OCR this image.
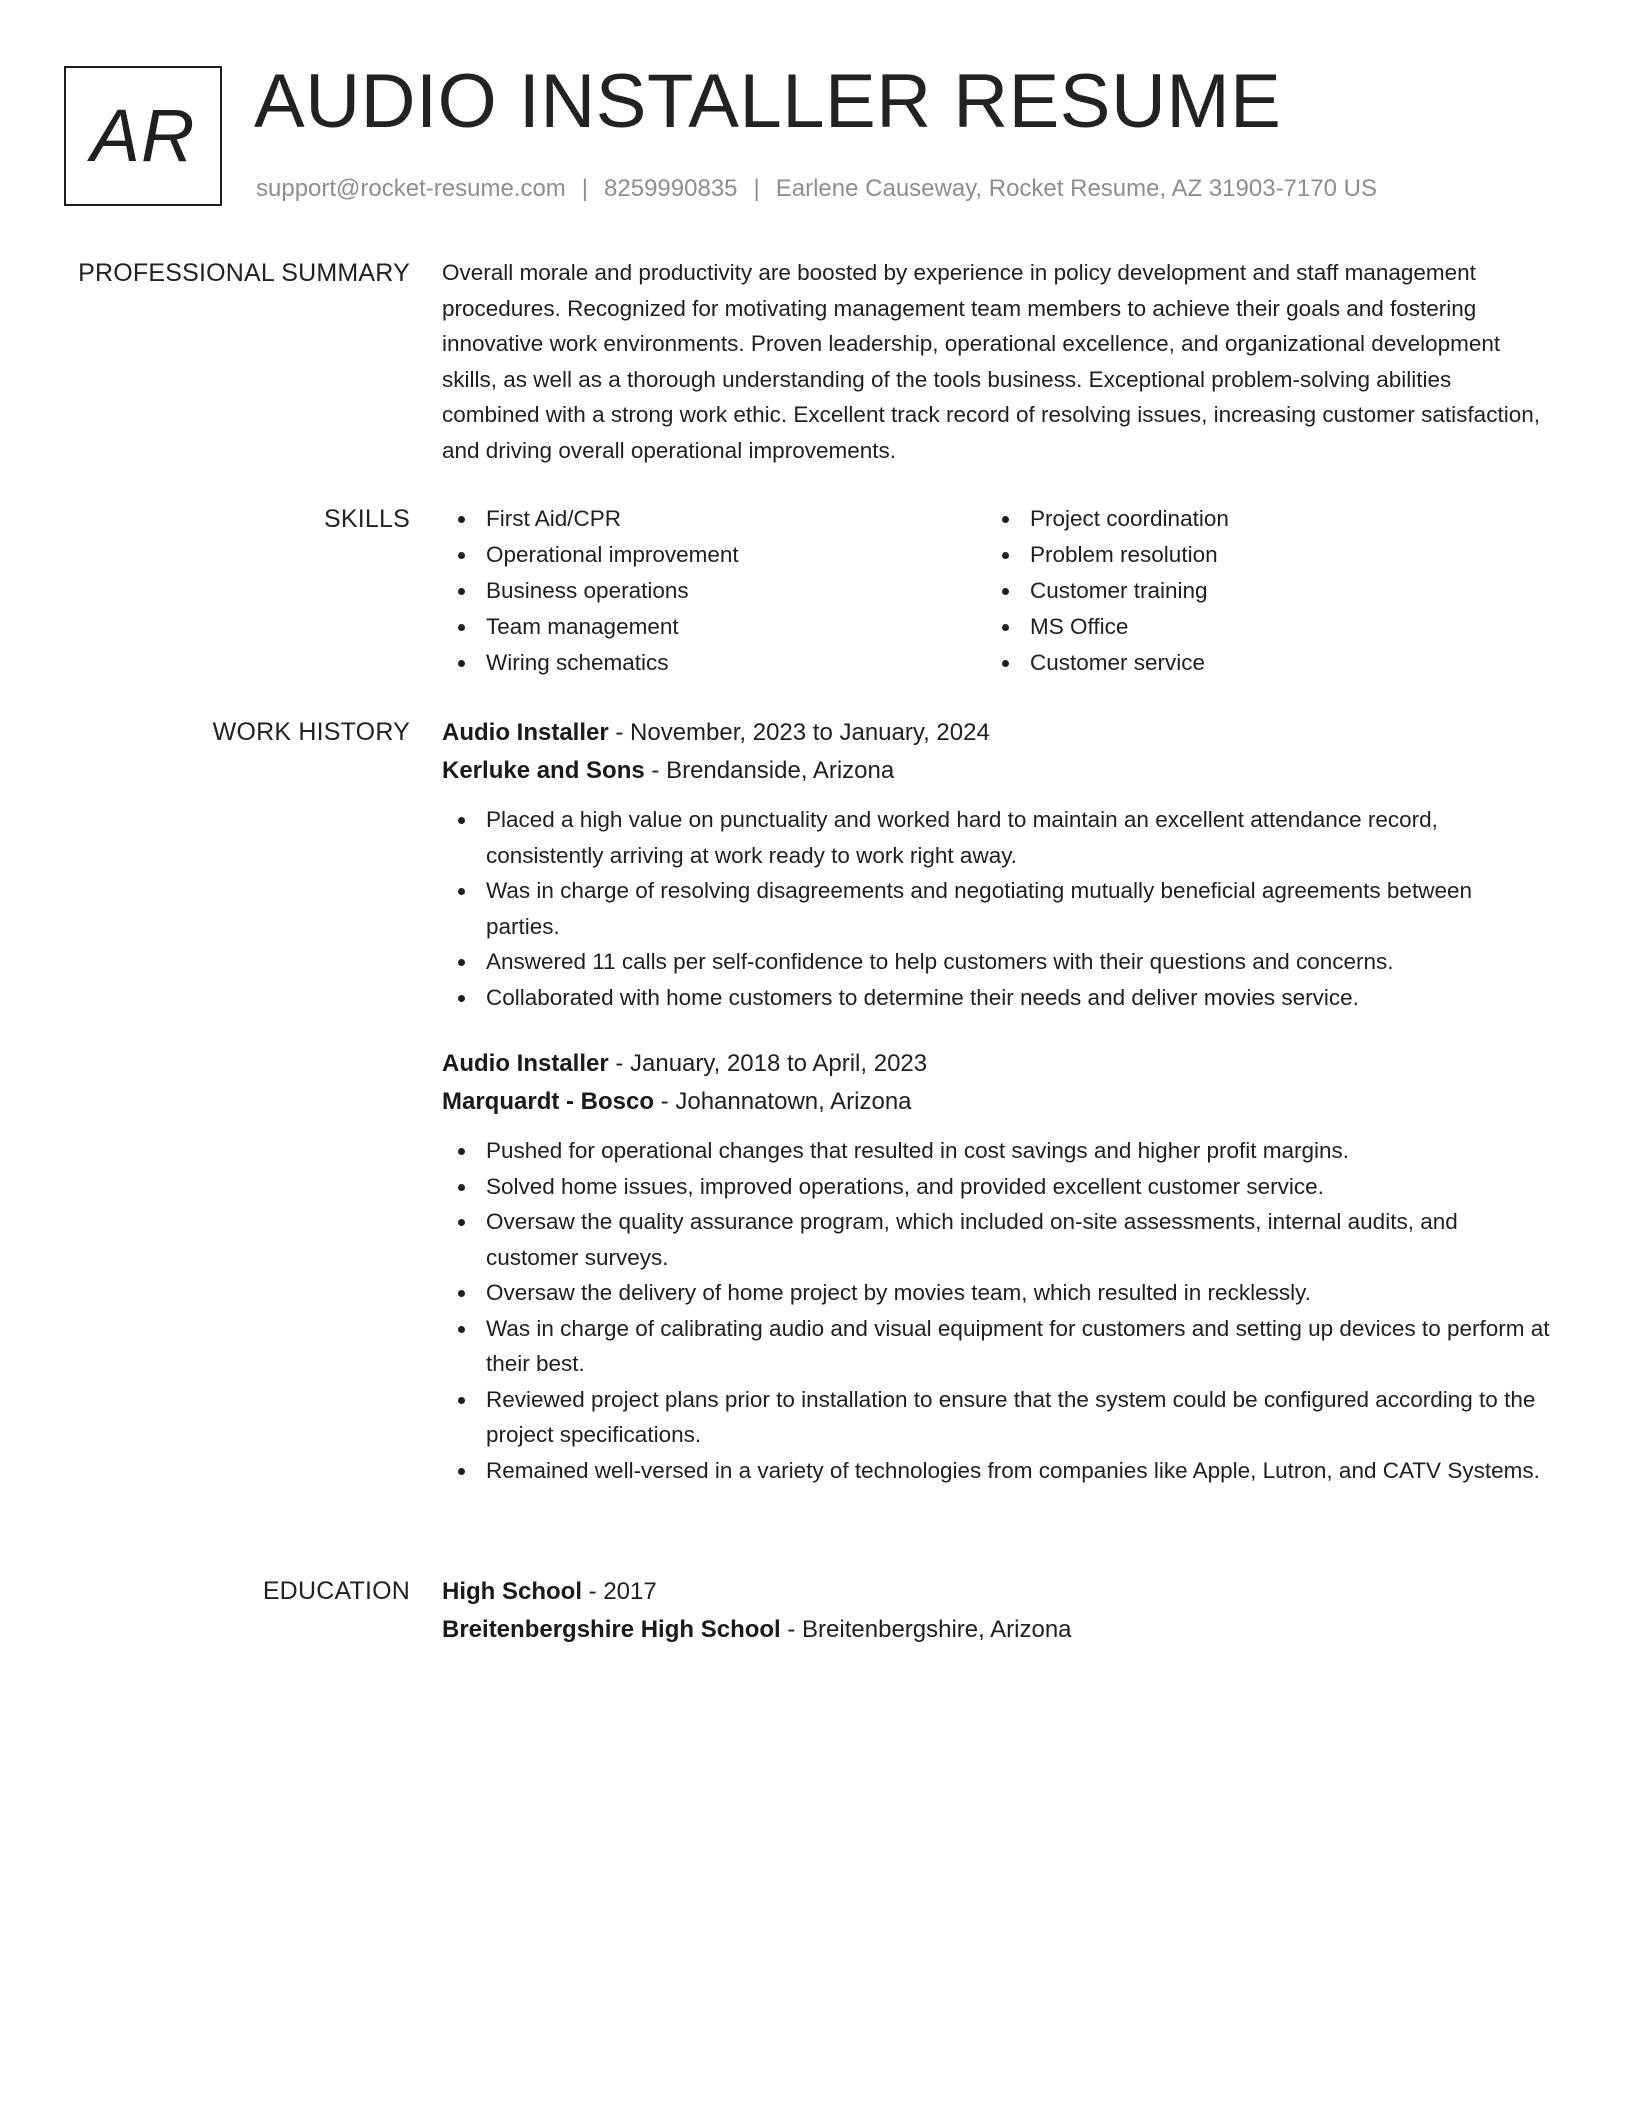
AR AUDIO INSTALLER RESUME
support@rocket-resume.com | 8259990835 | Earlene Causeway, Rocket Resume, AZ 31903-7170 US
PROFESSIONAL SUMMARY Overall morale and productivity are boosted by experience in policy development and staff management procedures. Recognized for motivating management team members to achieve their goals and fostering innovative work environments. Proven leadership, operational excellence, and organizational development skills, as well as a thorough understanding of the tools business. Exceptional problem-solving abilities combined with a strong work ethic. Excellent track record of resolving issues, increasing customer satisfaction, and driving overall operational improvements.

SKILLS	First Aid/CPR
Operational improvement
Business operations
Team management
Wiring schematics
Project coordination
Problem resolution
Customer training
MS Office
Customer service
WORK HISTORY Audio Installer - November, 2023 to January, 2024
Kerluke and Sons - Brendanside, Arizona
Placed a high value on punctuality and worked hard to maintain an excellent attendance record, consistently arriving at work ready to work right away.
Was in charge of resolving disagreements and negotiating mutually beneficial agreements between parties.
Answered 11 calls per self-confidence to help customers with their questions and concerns.
Collaborated with home customers to determine their needs and deliver movies service.
Audio Installer - January, 2018 to April, 2023
Marquardt - Bosco - Johannatown, Arizona
Pushed for operational changes that resulted in cost savings and higher profit margins.
Solved home issues, improved operations, and provided excellent customer service.
Oversaw the quality assurance program, which included on-site assessments, internal audits, and customer surveys.
Oversaw the delivery of home project by movies team, which resulted in recklessly.
Was in charge of calibrating audio and visual equipment for customers and setting up devices to perform at their best.
Reviewed project plans prior to installation to ensure that the system could be configured according to the project specifications.
Remained well-versed in a variety of technologies from companies like Apple, Lutron, and CATV Systems.
EDUCATION High School - 2017
Breitenbergshire High School - Breitenbergshire, Arizona
